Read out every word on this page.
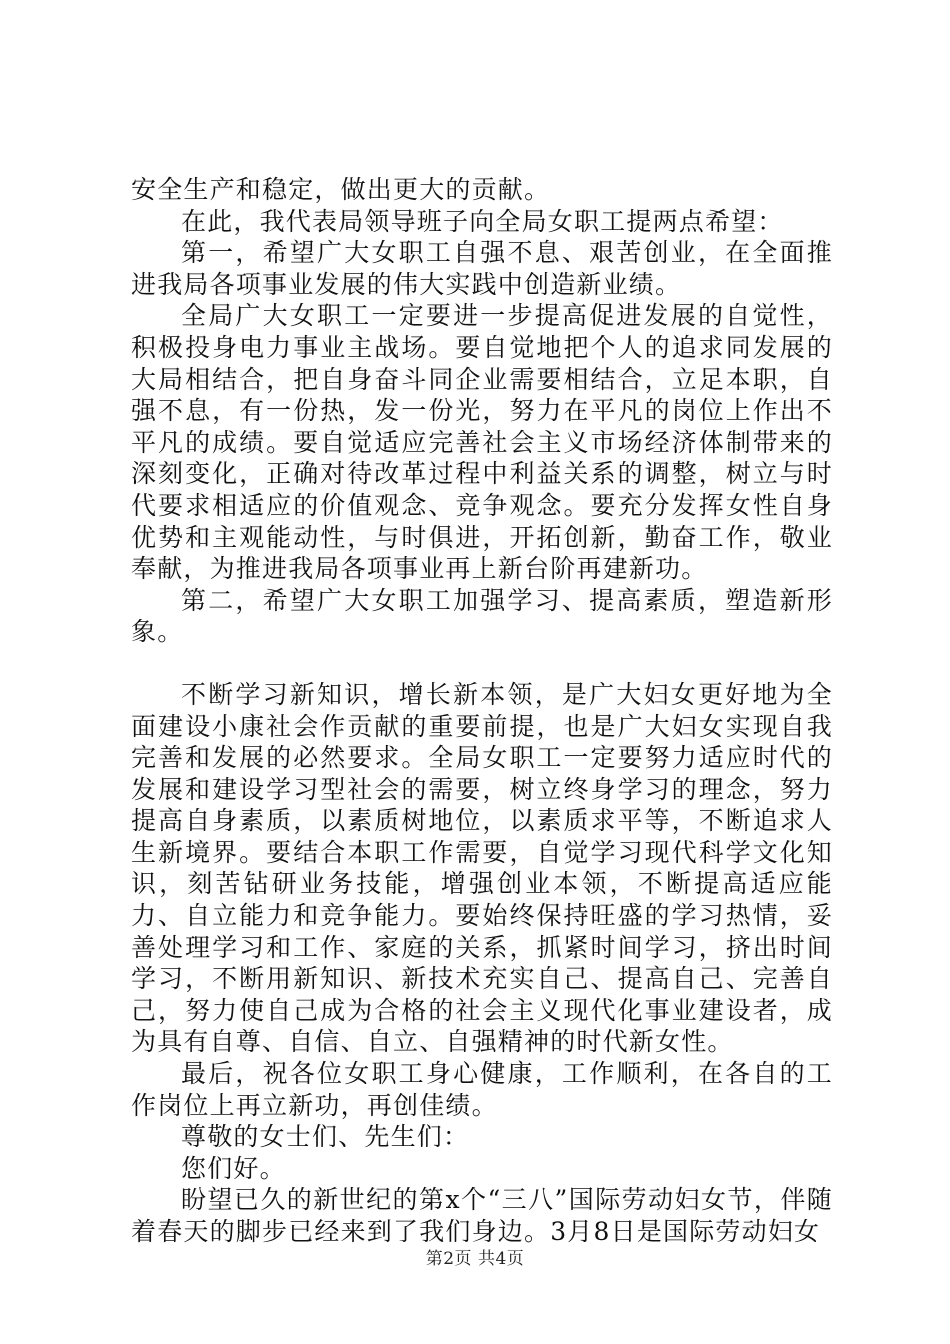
安全生产和稳定，做出更大的贡献。

在此，我代表局领导班子向全局女职工提两点希望：

第一，希望广大女职工自强不息、艰苦创业，在全面推进我局各项事业发展的伟大实践中创造新业绩。

全局广大女职工一定要进一步提高促进发展的自觉性，积极投身电力事业主战场。要自觉地把个人的追求同发展的大局相结合，把自身奋斗同企业需要相结合，立足本职，自强不息，有一份热，发一份光，努力在平凡的岗位上作出不平凡的成绩。要自觉适应完善社会主义市场经济体制带来的深刻变化，正确对待改革过程中利益关系的调整，树立与时代要求相适应的价值观念、竞争观念。要充分发挥女性自身优势和主观能动性，与时俱进，开拓创新，勤奋工作，敬业奉献，为推进我局各项事业再上新台阶再建新功。

第二，希望广大女职工加强学习、提高素质，塑造新形象。

不断学习新知识，增长新本领，是广大妇女更好地为全面建设小康社会作贡献的重要前提，也是广大妇女实现自我完善和发展的必然要求。全局女职工一定要努力适应时代的发展和建设学习型社会的需要，树立终身学习的理念，努力提高自身素质，以素质树地位，以素质求平等，不断追求人生新境界。要结合本职工作需要，自觉学习现代科学文化知识，刻苦钻研业务技能，增强创业本领，不断提高适应能力、自立能力和竞争能力。要始终保持旺盛的学习热情，妥善处理学习和工作、家庭的关系，抓紧时间学习，挤出时间学习，不断用新知识、新技术充实自己、提高自己、完善自己，努力使自己成为合格的社会主义现代化事业建设者，成为具有自尊、自信、自立、自强精神的时代新女性。

最后，祝各位女职工身心健康，工作顺利，在各自的工作岗位上再立新功，再创佳绩。

尊敬的女士们、先生们：

您们好。

盼望已久的新世纪的第x个“三八”国际劳动妇女节，伴随着春天的脚步已经来到了我们身边。3月8日是国际劳动妇女

第2页 共4页
